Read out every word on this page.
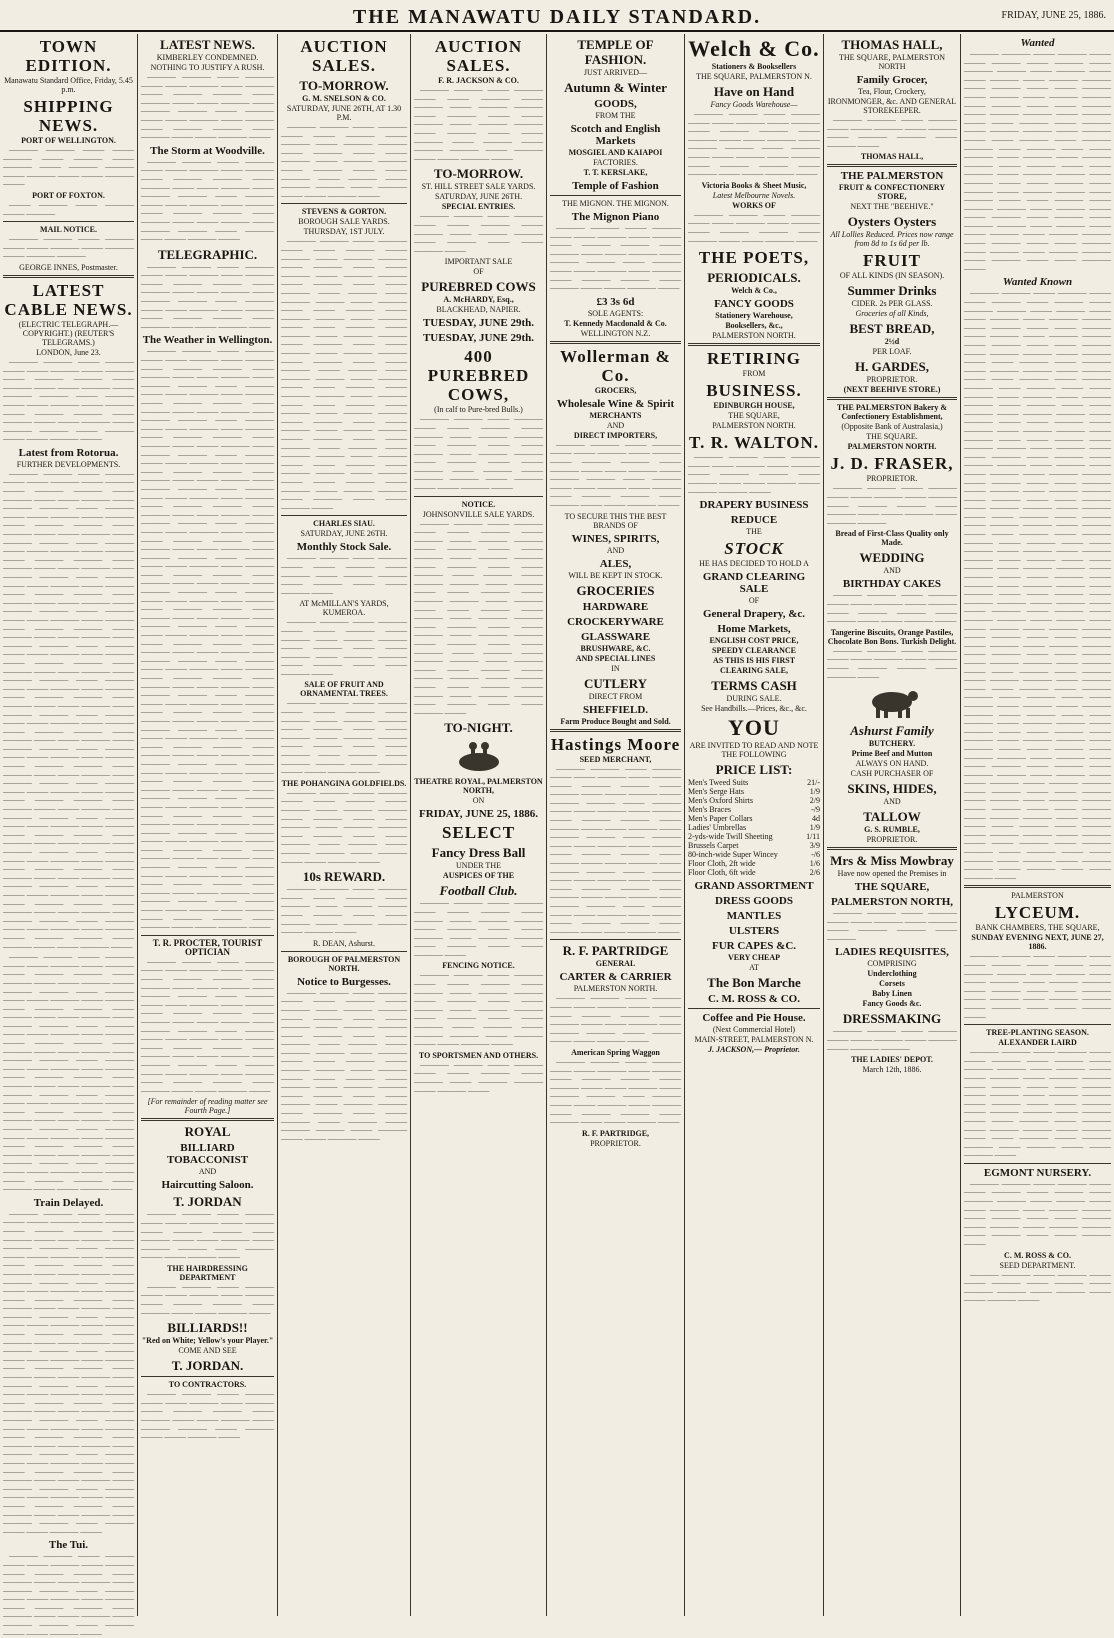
THE MANAWATU DAILY STANDARD.	FRIDAY, JUNE 25, 1886.
TOWN EDITION.
Manawatu Standard Office, Friday, 5.45 p.m.
SHIPPING NEWS.
PORT OF WELLINGTON.

———— ———— ——— ——— ———— ——— ———— ——— ———— ——— ———— ———— ——— ———— ——— ——— ———— ———

PORT OF FOXTON.

——— ———— ——— ———— ——— ————

MAIL NOTICE.

———— ———— ——— ———— ——— ——— ———— ——— ———— ——— ———— ————

GEORGE INNES, Postmaster.
LATEST CABLE NEWS.
(ELECTRIC TELEGRAPH.—COPYRIGHT.) (REUTER'S TELEGRAMS.)
LONDON, June 23.

———— ———— ——— ———— ——— ——— ———— ——— ———— ——— ———— ———— ——— ———— ——— ——— ———— ——— ———— ———— ——— ———— ——— ——— ———— ——— ———— ——— ———— ———— ——— ———— ——— ——— ———— ——— ———— ———— ——— ———— ——— ——— ———— ———

Latest from Rotorua.
FURTHER DEVELOPMENTS.

———— ———— ——— ———— ——— ——— ———— ——— ———— ——— ———— ———— ——— ———— ——— ——— ———— ——— ———— ———— ——— ———— ——— ——— ———— ——— ———— ——— ———— ———— ——— ———— ——— ——— ———— ——— ———— ———— ——— ———— ——— ——— ———— ——— ———— ——— ———— ———— ——— ———— ——— ——— ———— ——— ———— ———— ——— ———— ——— ——— ———— ——— ———— ——— ———— ———— ——— ———— ——— ——— ———— ——— ———— ———— ——— ———— ——— ——— ———— ——— ———— ——— ———— ———— ——— ———— ——— ——— ———— ——— ———— ———— ——— ———— ——— ——— ———— ——— ———— ——— ———— ———— ——— ———— ——— ——— ———— ——— ———— ———— ——— ———— ——— ——— ———— ——— ———— ——— ———— ———— ——— ———— ——— ——— ———— ——— ———— ———— ——— ———— ——— ——— ———— ——— ———— ——— ———— ———— ——— ———— ——— ——— ———— ——— ———— ———— ——— ———— ——— ——— ———— ——— ———— ——— ———— ———— ——— ———— ——— ——— ———— ——— ———— ———— ——— ———— ——— ——— ———— ——— ———— ——— ———— ———— ——— ———— ——— ——— ———— ——— ———— ———— ——— ———— ——— ——— ———— ——— ———— ——— ———— ———— ——— ———— ——— ——— ———— ——— ———— ———— ——— ———— ——— ——— ———— ——— ———— ——— ———— ———— ——— ———— ——— ——— ———— ——— ———— ———— ——— ———— ——— ——— ———— ——— ———— ——— ———— ———— ——— ———— ——— ——— ———— ——— ———— ———— ——— ———— ——— ——— ———— ——— ———— ——— ———— ———— ——— ———— ——— ——— ———— ———

———— ———— ——— ———— ——— ——— ———— ——— ———— ——— ———— ———— ——— ———— ——— ——— ———— ——— ———— ———— ——— ———— ——— ——— ———— ——— ———— ——— ———— ———— ——— ———— ——— ——— ———— ——— ———— ———— ——— ———— ——— ——— ———— ——— ———— ——— ———— ———— ——— ———— ——— ——— ———— ——— ———— ———— ——— ———— ——— ——— ———— ——— ———— ——— ———— ———— ——— ———— ——— ——— ———— ——— ———— ———— ——— ———— ——— ——— ———— ——— ———— ——— ———— ———— ——— ———— ——— ——— ———— ——— ———— ———— ——— ———— ——— ——— ———— ——— ———— ——— ———— ———— ——— ———— ——— ——— ———— ——— ———— ———— ——— ———— ——— ——— ———— ——— ———— ——— ———— ———— ——— ———— ——— ——— ———— ———

Train Delayed.

———— ———— ——— ———— ——— ——— ———— ——— ———— ——— ———— ———— ——— ———— ——— ——— ———— ——— ———— ———— ——— ———— ——— ——— ———— ——— ———— ——— ———— ———— ——— ———— ——— ——— ———— ——— ———— ———— ——— ———— ——— ——— ———— ——— ———— ——— ———— ———— ——— ———— ——— ——— ———— ——— ———— ———— ——— ———— ——— ——— ———— ——— ———— ——— ———— ———— ——— ———— ——— ——— ———— ——— ———— ———— ——— ———— ——— ——— ———— ——— ———— ——— ———— ———— ——— ———— ——— ——— ———— ——— ———— ———— ——— ———— ——— ——— ———— ——— ———— ——— ———— ———— ——— ———— ——— ——— ———— ——— ———— ———— ——— ———— ——— ——— ———— ——— ———— ——— ———— ———— ——— ———— ——— ——— ———— ——— ———— ———— ——— ———— ——— ——— ———— ——— ———— ——— ———— ———— ——— ———— ——— ——— ———— ——— ———— ———— ——— ———— ——— ——— ———— ——— ———— ——— ———— ———— ——— ———— ——— ——— ———— ——— ———— ———— ——— ———— ——— ——— ———— ———

The Tui.

———— ———— ——— ———— ——— ——— ———— ——— ———— ——— ———— ———— ——— ———— ——— ——— ———— ——— ———— ———— ——— ———— ——— ——— ———— ——— ———— ——— ———— ———— ——— ———— ——— ——— ———— ——— ———— ———— ——— ———— ——— ——— ———— ———

LATEST NEWS.
KIMBERLEY CONDEMNED.
NOTHING TO JUSTIFY A RUSH.

———— ———— ——— ———— ——— ——— ———— ——— ———— ——— ———— ———— ——— ———— ——— ——— ———— ——— ———— ———— ——— ———— ——— ——— ———— ——— ———— ——— ———— ———— ——— ———— ——— ——— ———— ———

The Storm at Woodville.

———— ———— ——— ———— ——— ——— ———— ——— ———— ——— ———— ———— ——— ———— ——— ——— ———— ——— ———— ———— ——— ———— ——— ——— ———— ——— ———— ——— ———— ———— ——— ———— ——— ——— ———— ——— ———— ———— ——— ———— ——— ——— ———— ———

TELEGRAPHIC.

———— ———— ——— ———— ——— ——— ———— ——— ———— ——— ———— ———— ——— ———— ——— ——— ———— ——— ———— ———— ——— ———— ——— ——— ———— ——— ———— ——— ———— ———— ——— ———— ——— ——— ———— ———

The Weather in Wellington.

———— ———— ——— ———— ——— ——— ———— ——— ———— ——— ———— ———— ——— ———— ——— ——— ———— ——— ———— ———— ——— ———— ——— ——— ———— ——— ———— ——— ———— ———— ——— ———— ——— ——— ———— ——— ———— ———— ——— ———— ——— ——— ———— ——— ———— ——— ———— ———— ——— ———— ——— ——— ———— ——— ———— ———— ——— ———— ——— ——— ———— ——— ———— ——— ———— ———— ——— ———— ——— ——— ———— ——— ———— ———— ——— ———— ——— ——— ———— ——— ———— ——— ———— ———— ——— ———— ——— ——— ———— ——— ———— ———— ——— ———— ——— ——— ———— ——— ———— ——— ———— ———— ——— ———— ——— ——— ———— ——— ———— ———— ——— ———— ——— ——— ———— ——— ———— ——— ———— ———— ——— ———— ——— ——— ———— ——— ———— ———— ——— ———— ——— ——— ———— ——— ———— ——— ———— ———— ——— ———— ——— ——— ———— ——— ———— ———— ——— ———— ——— ——— ———— ——— ———— ——— ———— ———— ——— ———— ——— ——— ———— ——— ———— ———— ——— ———— ——— ——— ———— ——— ———— ——— ———— ———— ——— ———— ——— ——— ———— ——— ———— ———— ——— ———— ——— ——— ———— ——— ———— ——— ———— ———— ——— ———— ——— ——— ———— ——— ———— ———— ——— ———— ——— ——— ———— ——— ———— ——— ———— ———— ——— ———— ——— ——— ———— ——— ———— ———— ——— ———— ——— ——— ———— ——— ———— ——— ———— ———— ——— ———— ——— ——— ———— ——— ———— ———— ——— ———— ——— ——— ———— ——— ———— ——— ———— ———— ——— ———— ——— ——— ———— ——— ———— ———— ——— ———— ——— ——— ———— ——— ———— ——— ———— ———— ——— ———— ——— ——— ———— ——— ———— ———— ——— ———— ——— ——— ———— ——— ———— ——— ———— ———— ——— ———— ——— ——— ———— ——— ———— ———— ——— ———— ——— ——— ———— ——— ———— ——— ———— ———— ——— ———— ——— ——— ———— ———

T. R. PROCTER, TOURIST OPTICIAN

———— ———— ——— ———— ——— ——— ———— ——— ———— ——— ———— ———— ——— ———— ——— ——— ———— ——— ———— ———— ——— ———— ——— ——— ———— ——— ———— ——— ———— ———— ——— ———— ——— ——— ———— ——— ———— ———— ——— ———— ——— ——— ———— ——— ———— ——— ———— ———— ——— ———— ——— ——— ———— ——— ———— ———— ——— ———— ——— ——— ———— ——— ———— ——— ———— ———— ——— ———— ——— ——— ———— ———

[For remainder of reading matter see Fourth Page.]
ROYAL
BILLIARD TOBACCONIST
AND
Haircutting Saloon.
T. JORDAN

———— ———— ——— ———— ——— ——— ———— ——— ———— ——— ———— ———— ——— ———— ——— ——— ———— ——— ———— ———— ——— ———— ——— ——— ———— ———

THE HAIRDRESSING DEPARTMENT

———— ———— ——— ———— ——— ——— ———— ——— ———— ——— ———— ———— ——— ———— ——— ——— ———— ———

BILLIARDS!!
"Red on White; Yellow's your Player."
COME AND SEE
T. JORDAN.
TO CONTRACTORS.

———— ———— ——— ———— ——— ——— ———— ——— ———— ——— ———— ———— ——— ———— ——— ——— ———— ——— ———— ———— ——— ———— ——— ——— ———— ———

AUCTION SALES.
TO-MORROW.
G. M. SNELSON & CO.
SATURDAY, JUNE 26TH, AT 1.30 P.M.

———— ———— ——— ———— ——— ——— ———— ——— ———— ——— ———— ———— ——— ———— ——— ——— ———— ——— ———— ———— ——— ———— ——— ——— ———— ——— ———— ——— ———— ———— ——— ———— ——— ——— ———— ———

STEVENS & GORTON.
BOROUGH SALE YARDS.
THURSDAY, 1ST JULY.

———— ———— ——— ———— ——— ——— ———— ——— ———— ——— ———— ———— ——— ———— ——— ——— ———— ——— ———— ———— ——— ———— ——— ——— ———— ——— ———— ——— ———— ———— ——— ———— ——— ——— ———— ——— ———— ———— ——— ———— ——— ——— ———— ——— ———— ——— ———— ———— ——— ———— ——— ——— ———— ——— ———— ———— ——— ———— ——— ——— ———— ——— ———— ——— ———— ———— ——— ———— ——— ——— ———— ——— ———— ———— ——— ———— ——— ——— ———— ——— ———— ——— ———— ———— ——— ———— ——— ——— ———— ——— ———— ———— ——— ———— ——— ——— ———— ——— ———— ——— ———— ———— ——— ———— ——— ——— ———— ——— ———— ———— ——— ———— ——— ——— ———— ——— ———— ——— ———— ———— ——— ———— ——— ——— ———— ———

CHARLES SIAU.
SATURDAY, JUNE 26TH.
Monthly Stock Sale.

———— ———— ——— ———— ——— ——— ———— ——— ———— ——— ———— ———— ——— ———— ——— ——— ———— ———

AT McMILLAN'S YARDS, KUMEROA.

———— ———— ——— ———— ——— ——— ———— ——— ———— ——— ———— ———— ——— ———— ——— ——— ———— ——— ———— ———— ——— ———— ——— ——— ———— ———

SALE OF FRUIT AND ORNAMENTAL TREES.

———— ———— ——— ———— ——— ——— ———— ——— ———— ——— ———— ———— ——— ———— ——— ——— ———— ——— ———— ———— ——— ———— ——— ——— ———— ——— ———— ——— ———— ———— ——— ———— ——— ——— ———— ———

THE POHANGINA GOLDFIELDS.

———— ———— ——— ———— ——— ——— ———— ——— ———— ——— ———— ———— ——— ———— ——— ——— ———— ——— ———— ———— ——— ———— ——— ——— ———— ——— ———— ——— ———— ———— ——— ———— ——— ——— ———— ———

10s REWARD.

———— ———— ——— ———— ——— ——— ———— ——— ———— ——— ———— ———— ——— ———— ——— ——— ———— ——— ———— ———— ——— ———— ———

R. DEAN, Ashurst.
BOROUGH OF PALMERSTON NORTH.
Notice to Burgesses.

———— ———— ——— ———— ——— ——— ———— ——— ———— ——— ———— ———— ——— ———— ——— ——— ———— ——— ———— ———— ——— ———— ——— ——— ———— ——— ———— ——— ———— ———— ——— ———— ——— ——— ———— ——— ———— ———— ——— ———— ——— ——— ———— ——— ———— ——— ———— ———— ——— ———— ——— ——— ———— ——— ———— ———— ——— ———— ——— ——— ———— ——— ———— ——— ———— ———— ——— ———— ——— ——— ———— ———

AUCTION SALES.
F. R. JACKSON & CO.

———— ———— ——— ———— ——— ——— ———— ——— ———— ——— ———— ———— ——— ———— ——— ——— ———— ——— ———— ———— ——— ———— ——— ——— ———— ——— ———— ——— ———— ———— ——— ———— ——— ——— ———— ———

TO-MORROW.
ST. HILL STREET SALE YARDS.
SATURDAY, JUNE 26TH.
SPECIAL ENTRIES.

———— ———— ——— ———— ——— ——— ———— ——— ———— ——— ———— ———— ——— ———— ——— ——— ———— ———

IMPORTANT SALE
OF
PUREBRED COWS
A. McHARDY, Esq.,
BLACKHEAD, NAPIER.
TUESDAY, JUNE 29th.
TUESDAY, JUNE 29th.
400 PUREBRED COWS,
(In calf to Pure-bred Bulls.)

———— ———— ——— ———— ——— ——— ———— ——— ———— ——— ———— ———— ——— ———— ——— ——— ———— ——— ———— ———— ——— ———— ——— ——— ———— ——— ———— ——— ———— ———— ——— ———— ——— ——— ———— ———

NOTICE.
JOHNSONVILLE SALE YARDS.

———— ———— ——— ———— ——— ——— ———— ——— ———— ——— ———— ———— ——— ———— ——— ——— ———— ——— ———— ———— ——— ———— ——— ——— ———— ——— ———— ——— ———— ———— ——— ———— ——— ——— ———— ——— ———— ———— ——— ———— ——— ——— ———— ——— ———— ——— ———— ———— ——— ———— ——— ——— ———— ——— ———— ———— ——— ———— ——— ——— ———— ——— ———— ——— ———— ———— ——— ———— ——— ——— ———— ——— ———— ———— ——— ———— ——— ——— ———— ——— ———— ——— ———— ———— ——— ———— ——— ——— ———— ———

TO-NIGHT.
THEATRE ROYAL, PALMERSTON NORTH,
ON
FRIDAY, JUNE 25, 1886.
SELECT
Fancy Dress Ball
UNDER THE
AUSPICES OF THE
Football Club.

———— ———— ——— ———— ——— ——— ———— ——— ———— ——— ———— ———— ——— ———— ——— ——— ———— ——— ———— ———— ——— ———— ——— ——— ———— ———

FENCING NOTICE.

———— ———— ——— ———— ——— ——— ———— ——— ———— ——— ———— ———— ——— ———— ——— ——— ———— ——— ———— ———— ——— ———— ——— ——— ———— ——— ———— ——— ———— ———— ——— ———— ——— ——— ———— ———

TO SPORTSMEN AND OTHERS.

———— ———— ——— ———— ——— ——— ———— ——— ———— ——— ———— ———— ——— ———— ———

TEMPLE OF FASHION.
JUST ARRIVED—
Autumn & Winter
GOODS,
FROM THE
Scotch and English Markets
MOSGIEL AND KAIAPOI
FACTORIES.
T. T. KERSLAKE,
Temple of Fashion
THE MIGNON. THE MIGNON.
The Mignon Piano

———— ———— ——— ———— ——— ——— ———— ——— ———— ——— ———— ———— ——— ———— ——— ——— ———— ——— ———— ———— ——— ———— ——— ——— ———— ——— ———— ——— ———— ———— ——— ———— ——— ——— ———— ———

£3 3s 6d
SOLE AGENTS:
T. Kennedy Macdonald & Co.
WELLINGTON N.Z.
Wollerman & Co.
GROCERS,
Wholesale Wine & Spirit
MERCHANTS
AND
DIRECT IMPORTERS,

———— ———— ——— ———— ——— ——— ———— ——— ———— ——— ———— ———— ——— ———— ——— ——— ———— ——— ———— ———— ——— ———— ——— ——— ———— ——— ———— ——— ———— ———— ——— ———— ——— ——— ———— ———

TO SECURE THIS THE BEST BRANDS OF
WINES, SPIRITS,
AND
ALES,
WILL BE KEPT IN STOCK.
GROCERIES
HARDWARE
CROCKERYWARE
GLASSWARE
BRUSHWARE, &C.
AND SPECIAL LINES
IN
CUTLERY
DIRECT FROM
SHEFFIELD.
Farm Produce Bought and Sold.
Hastings Moore
SEED MERCHANT,

———— ———— ——— ———— ——— ——— ———— ——— ———— ——— ———— ———— ——— ———— ——— ——— ———— ——— ———— ———— ——— ———— ——— ——— ———— ——— ———— ——— ———— ———— ——— ———— ——— ——— ———— ——— ———— ———— ——— ———— ——— ——— ———— ——— ———— ——— ———— ———— ——— ———— ——— ——— ———— ——— ———— ———— ——— ———— ——— ——— ———— ——— ———— ——— ———— ———— ——— ———— ——— ——— ———— ——— ———— ———— ——— ———— ——— ——— ———— ——— ———— ——— ———— ———— ——— ———— ——— ——— ———— ———

R. F. PARTRIDGE
GENERAL
CARTER & CARRIER
PALMERSTON NORTH.

———— ———— ——— ———— ——— ——— ———— ——— ———— ——— ———— ———— ——— ———— ——— ——— ———— ——— ———— ———— ——— ———— ——— ——— ———— ———

American Spring Waggon

———— ———— ——— ———— ——— ——— ———— ——— ———— ——— ———— ———— ——— ———— ——— ——— ———— ——— ———— ———— ——— ———— ——— ——— ———— ——— ———— ——— ———— ———— ——— ———— ——— ——— ———— ———

R. F. PARTRIDGE,
PROPRIETOR.
Welch & Co.
Stationers & Booksellers
THE SQUARE, PALMERSTON N.
Have on Hand
Fancy Goods Warehouse—

———— ———— ——— ———— ——— ——— ———— ——— ———— ——— ———— ———— ——— ———— ——— ——— ———— ——— ———— ———— ——— ———— ——— ——— ———— ——— ———— ——— ———— ———— ——— ———— ——— ——— ———— ———

Victoria Books & Sheet Music,
Latest Melbourne Novels.
WORKS OF

———— ———— ——— ———— ——— ——— ———— ——— ———— ——— ———— ———— ——— ———— ——— ——— ———— ———

THE POETS,
PERIODICALS.
Welch & Co.,
FANCY GOODS
Stationery Warehouse,
Booksellers, &c.,
PALMERSTON NORTH.
RETIRING
FROM
BUSINESS.
EDINBURGH HOUSE,
THE SQUARE,
PALMERSTON NORTH.
T. R. WALTON.

———— ———— ——— ———— ——— ——— ———— ——— ———— ——— ———— ———— ——— ———— ——— ——— ———— ——— ———— ———— ———

DRAPERY BUSINESS
REDUCE
THE
STOCK
HE HAS DECIDED TO HOLD A
GRAND CLEARING SALE
OF
General Drapery, &c.
Home Markets,
ENGLISH COST PRICE,
SPEEDY CLEARANCE
AS THIS IS HIS FIRST
CLEARING SALE,
TERMS CASH
DURING SALE.
See Handbills.—Prices, &c., &c.
YOU
ARE INVITED TO READ AND NOTE THE FOLLOWING
PRICE LIST:
Men's Tweed Suits	21/-
Men's Serge Hats	1/9
Men's Oxford Shirts	2/9
Men's Braces	-/9
Men's Paper Collars	4d
Ladies' Umbrellas	1/9
2-yds-wide Twill Sheeting	1/11
Brussels Carpet	3/9
80-inch-wide Super Wincey	-/6
Floor Cloth, 2ft wide	1/6
Floor Cloth, 6ft wide	2/6
GRAND ASSORTMENT
DRESS GOODS
MANTLES
ULSTERS
FUR CAPES &C.
VERY CHEAP
AT
The Bon Marche
C. M. ROSS & CO.
Coffee and Pie House.
(Next Commercial Hotel)
MAIN-STREET, PALMERSTON N.
J. JACKSON,— Proprietor.
THOMAS HALL,
THE SQUARE, PALMERSTON NORTH
Family Grocer,
Tea, Flour, Crockery,
IRONMONGER, &c. AND GENERAL STOREKEEPER.

———— ———— ——— ———— ——— ——— ———— ——— ———— ——— ———— ———— ——— ———— ———

THOMAS HALL,
THE PALMERSTON
FRUIT & CONFECTIONERY STORE,
NEXT THE "BEEHIVE."
Oysters Oysters
All Lollies Reduced. Prices now range from 8d to 1s 6d per lb.
FRUIT
OF ALL KINDS (IN SEASON).
Summer Drinks
CIDER. 2s PER GLASS.
Groceries of all Kinds,
BEST BREAD,
2½d
PER LOAF.
H. GARDES,
PROPRIETOR.
(NEXT BEEHIVE STORE.)
THE PALMERSTON Bakery & Confectionery Establishment,
(Opposite Bank of Australasia,)
THE SQUARE.
PALMERSTON NORTH.
J. D. FRASER,
PROPRIETOR.

———— ———— ——— ———— ——— ——— ———— ——— ———— ——— ———— ———— ——— ———— ——— ——— ———— ——— ———— ————

Bread of First-Class Quality only Made.
WEDDING
AND
BIRTHDAY CAKES

———— ———— ——— ———— ——— ——— ———— ——— ———— ——— ———— ———— ——— ———— ——— ——— ———— ———

Tangerine Biscuits, Orange Pastiles, Chocolate Bon Bons. Turkish Delight.

———— ———— ——— ———— ——— ——— ———— ——— ———— ——— ———— ———— ——— ———— ———

Ashurst Family
BUTCHERY.
Prime Beef and Mutton
ALWAYS ON HAND.
CASH PURCHASER OF
SKINS, HIDES,
AND
TALLOW
G. S. RUMBLE,
PROPRIETOR.
Mrs & Miss Mowbray
Have now opened the Premises in
THE SQUARE,
PALMERSTON NORTH,

———— ———— ——— ———— ——— ——— ———— ——— ———— ——— ———— ———— ——— ————

LADIES REQUISITES,
COMPRISING
Underclothing
Corsets
Baby Linen
Fancy Goods &c.
DRESSMAKING

———— ———— ——— ———— ——— ——— ———— ——— ———— ——— ———— ————

THE LADIES' DEPOT.
March 12th, 1886.
Wanted

———— ———— ——— ———— ——— ——— ———— ——— ———— ——— ———— ———— ——— ———— ——— ——— ———— ——— ———— ———— ——— ———— ——— ——— ———— ——— ———— ——— ———— ———— ——— ———— ——— ——— ———— ——— ———— ———— ——— ———— ——— ——— ———— ——— ———— ——— ———— ———— ——— ———— ——— ——— ———— ——— ———— ———— ——— ———— ——— ——— ———— ——— ———— ——— ———— ———— ——— ———— ——— ——— ———— ——— ———— ———— ——— ———— ——— ——— ———— ——— ———— ——— ———— ———— ——— ———— ——— ——— ———— ——— ———— ———— ——— ———— ——— ——— ———— ——— ———— ——— ———— ———— ——— ———— ——— ——— ———— ——— ———— ———— ——— ———— ——— ——— ———— ——— ———— ——— ———— ———— ——— ———— ——— ——— ———— ———

Wanted Known

———— ———— ——— ———— ——— ——— ———— ——— ———— ——— ———— ———— ——— ———— ——— ——— ———— ——— ———— ———— ——— ———— ——— ——— ———— ——— ———— ——— ———— ———— ——— ———— ——— ——— ———— ——— ———— ———— ——— ———— ——— ——— ———— ——— ———— ——— ———— ———— ——— ———— ——— ——— ———— ——— ———— ———— ——— ———— ——— ——— ———— ——— ———— ——— ———— ———— ——— ———— ——— ——— ———— ——— ———— ———— ——— ———— ——— ——— ———— ——— ———— ——— ———— ———— ——— ———— ——— ——— ———— ——— ———— ———— ——— ———— ——— ——— ———— ——— ———— ——— ———— ———— ——— ———— ——— ——— ———— ——— ———— ———— ——— ———— ——— ——— ———— ——— ———— ——— ———— ———— ——— ———— ——— ——— ———— ——— ———— ———— ——— ———— ——— ——— ———— ——— ———— ——— ———— ———— ——— ———— ——— ——— ———— ——— ———— ———— ——— ———— ——— ——— ———— ——— ———— ——— ———— ———— ——— ———— ——— ——— ———— ——— ———— ———— ——— ———— ——— ——— ———— ——— ———— ——— ———— ———— ——— ———— ——— ——— ———— ——— ———— ———— ——— ———— ——— ——— ———— ——— ———— ——— ———— ———— ——— ———— ——— ——— ———— ——— ———— ———— ——— ———— ——— ——— ———— ——— ———— ——— ———— ———— ——— ———— ——— ——— ———— ——— ———— ———— ——— ———— ——— ——— ———— ——— ———— ——— ———— ———— ——— ———— ——— ——— ———— ——— ———— ———— ——— ———— ——— ——— ———— ——— ———— ——— ———— ———— ——— ———— ——— ——— ———— ——— ———— ———— ——— ———— ——— ——— ———— ——— ———— ——— ———— ———— ——— ———— ——— ——— ———— ——— ———— ———— ——— ———— ——— ——— ———— ——— ———— ——— ———— ———— ——— ———— ——— ——— ———— ——— ———— ———— ——— ———— ——— ——— ———— ——— ———— ——— ———— ———— ——— ———— ——— ——— ———— ——— ———— ———— ——— ———— ——— ——— ———— ——— ———— ——— ———— ———— ——— ———— ——— ——— ———— ——— ———— ———— ——— ———— ——— ——— ———— ——— ———— ——— ———— ———— ——— ———— ——— ——— ———— ———

PALMERSTON
LYCEUM.
BANK CHAMBERS, THE SQUARE,
SUNDAY EVENING NEXT, JUNE 27, 1886.

———— ———— ——— ———— ——— ——— ———— ——— ———— ——— ———— ———— ——— ———— ——— ——— ———— ——— ———— ———— ——— ———— ——— ——— ———— ——— ———— ——— ———— ———— ——— ———— ——— ——— ———— ———

TREE-PLANTING SEASON.
ALEXANDER LAIRD

———— ———— ——— ———— ——— ——— ———— ——— ———— ——— ———— ———— ——— ———— ——— ——— ———— ——— ———— ———— ——— ———— ——— ——— ———— ——— ———— ——— ———— ———— ——— ———— ——— ——— ———— ——— ———— ———— ——— ———— ——— ——— ———— ——— ———— ——— ———— ———— ——— ———— ——— ——— ———— ——— ———— ———— ——— ———— ——— ——— ———— ———

EGMONT NURSERY.

———— ———— ——— ———— ——— ——— ———— ——— ———— ——— ———— ———— ——— ———— ——— ——— ———— ——— ———— ———— ——— ———— ——— ——— ———— ——— ———— ——— ———— ———— ——— ———— ——— ——— ———— ———

C. M. ROSS & CO.
SEED DEPARTMENT.

———— ———— ——— ———— ——— ——— ———— ——— ———— ——— ———— ———— ——— ———— ——— ——— ———— ———
